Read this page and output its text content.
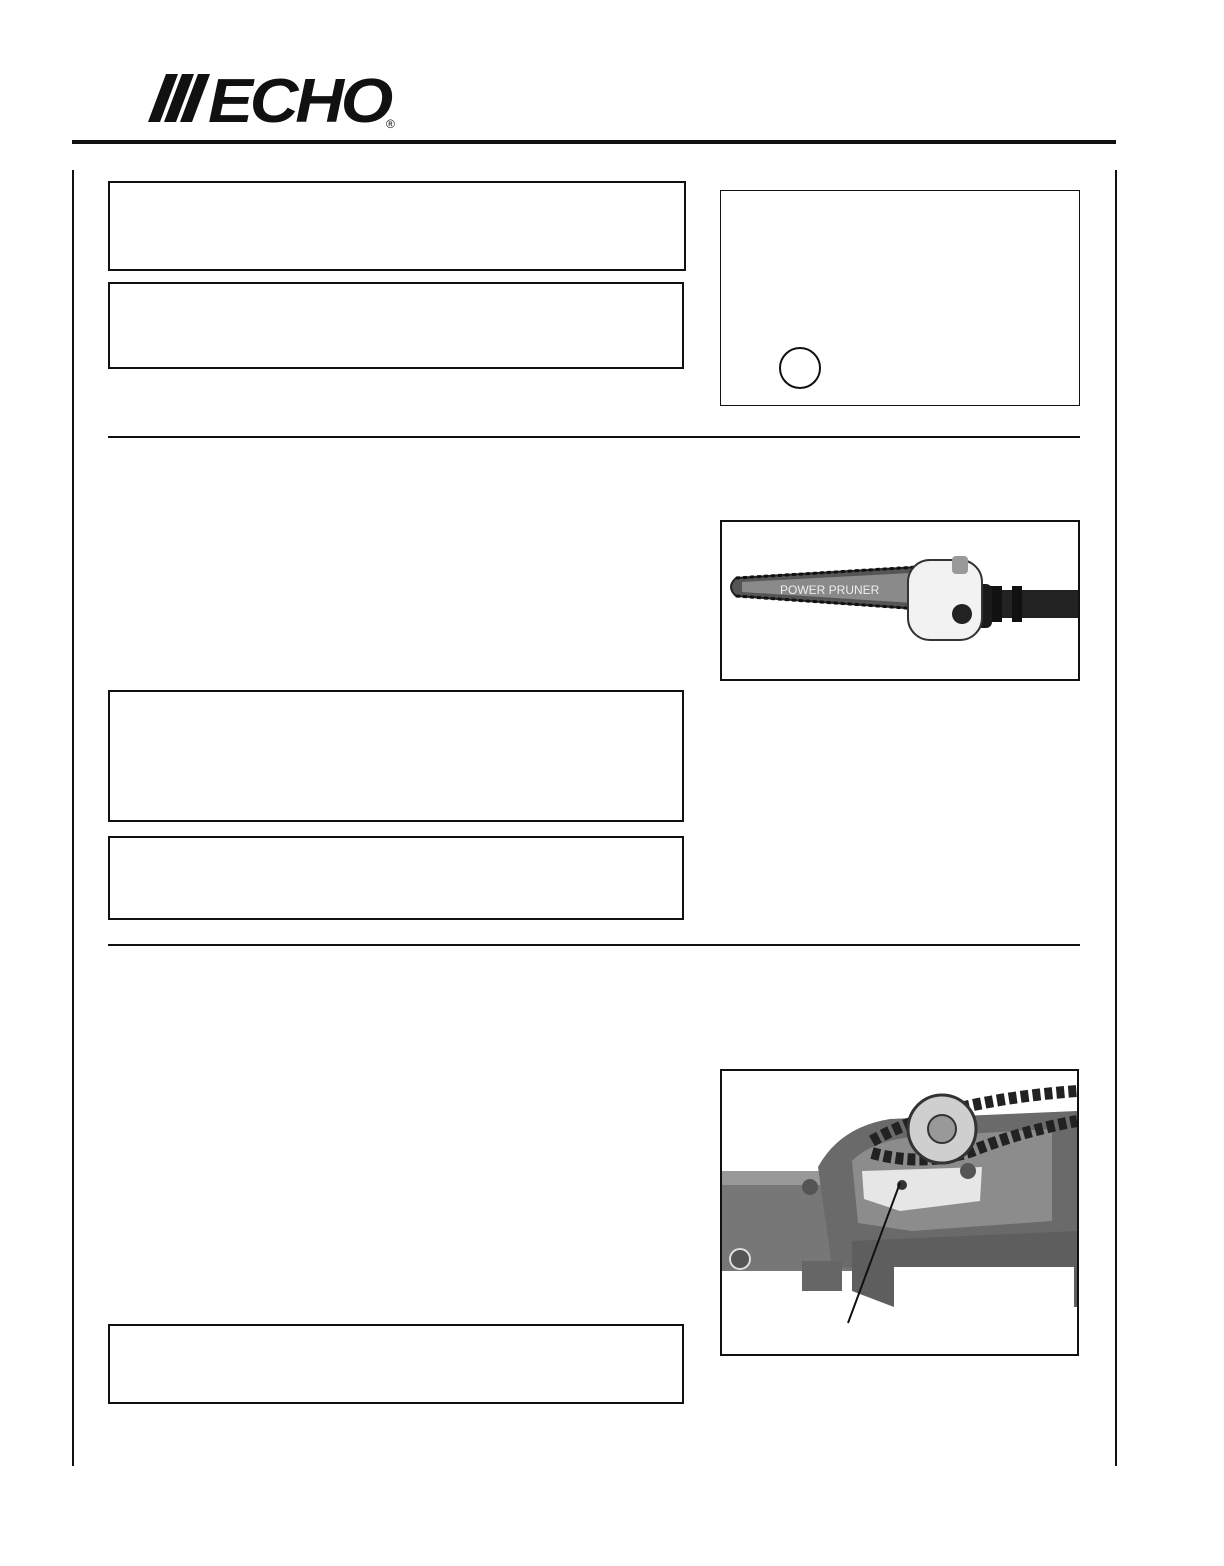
ECHO
®
POWER PRUNER
